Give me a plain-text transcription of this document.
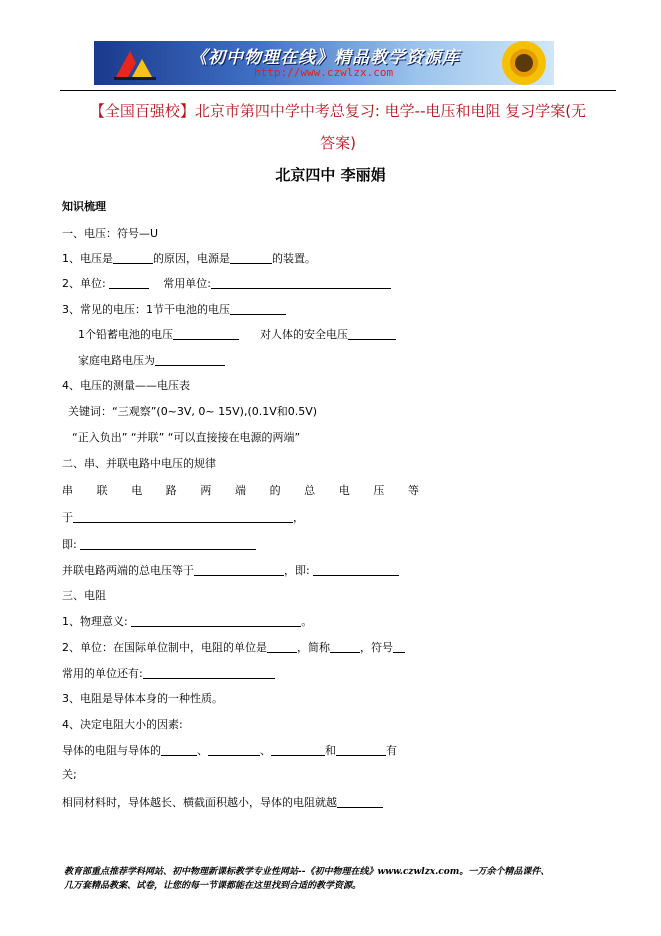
《初中物理在线》精品教学资源库
http://www.czwlzx.com
【全国百强校】北京市第四中学中考总复习: 电学--电压和电阻 复习学案(无
答案)
北京四中 李丽娟
知识梳理
一、电压：符号—U
1、电压是	的原因，电源是	的装置。
2、单位:	常用单位:
3、常见的电压：1节干电池的电压
1个铅蓄电池的电压	对人体的安全电压
家庭电路电压为
4、电压的测量——电压表
关键词：“三观察”(0~3V, 0~ 15V),(0.1V和0.5V)
“正入负出” “并联” “可以直接接在电源的两端”
二、串、并联电路中电压的规律
串 联 电 路 两 端 的 总 电 压 等
于	，
即:
并联电路两端的总电压等于	，即:
三、电阻
1、物理意义:	。
2、单位：在国际单位制中，电阻的单位是	，简称	，符号
常用的单位还有:
3、电阻是导体本身的一种性质。
4、决定电阻大小的因素:
导体的电阻与导体的	、	、	和	有
关;
相同材料时，导体越长、横截面积越小，导体的电阻就越
教育部重点推荐学科网站、初中物理新课标教学专业性网站--《初中物理在线》www.czwlzx.com。一万余个精品课件、
几万套精品教案、试卷，让您的每一节课都能在这里找到合适的教学资源。
